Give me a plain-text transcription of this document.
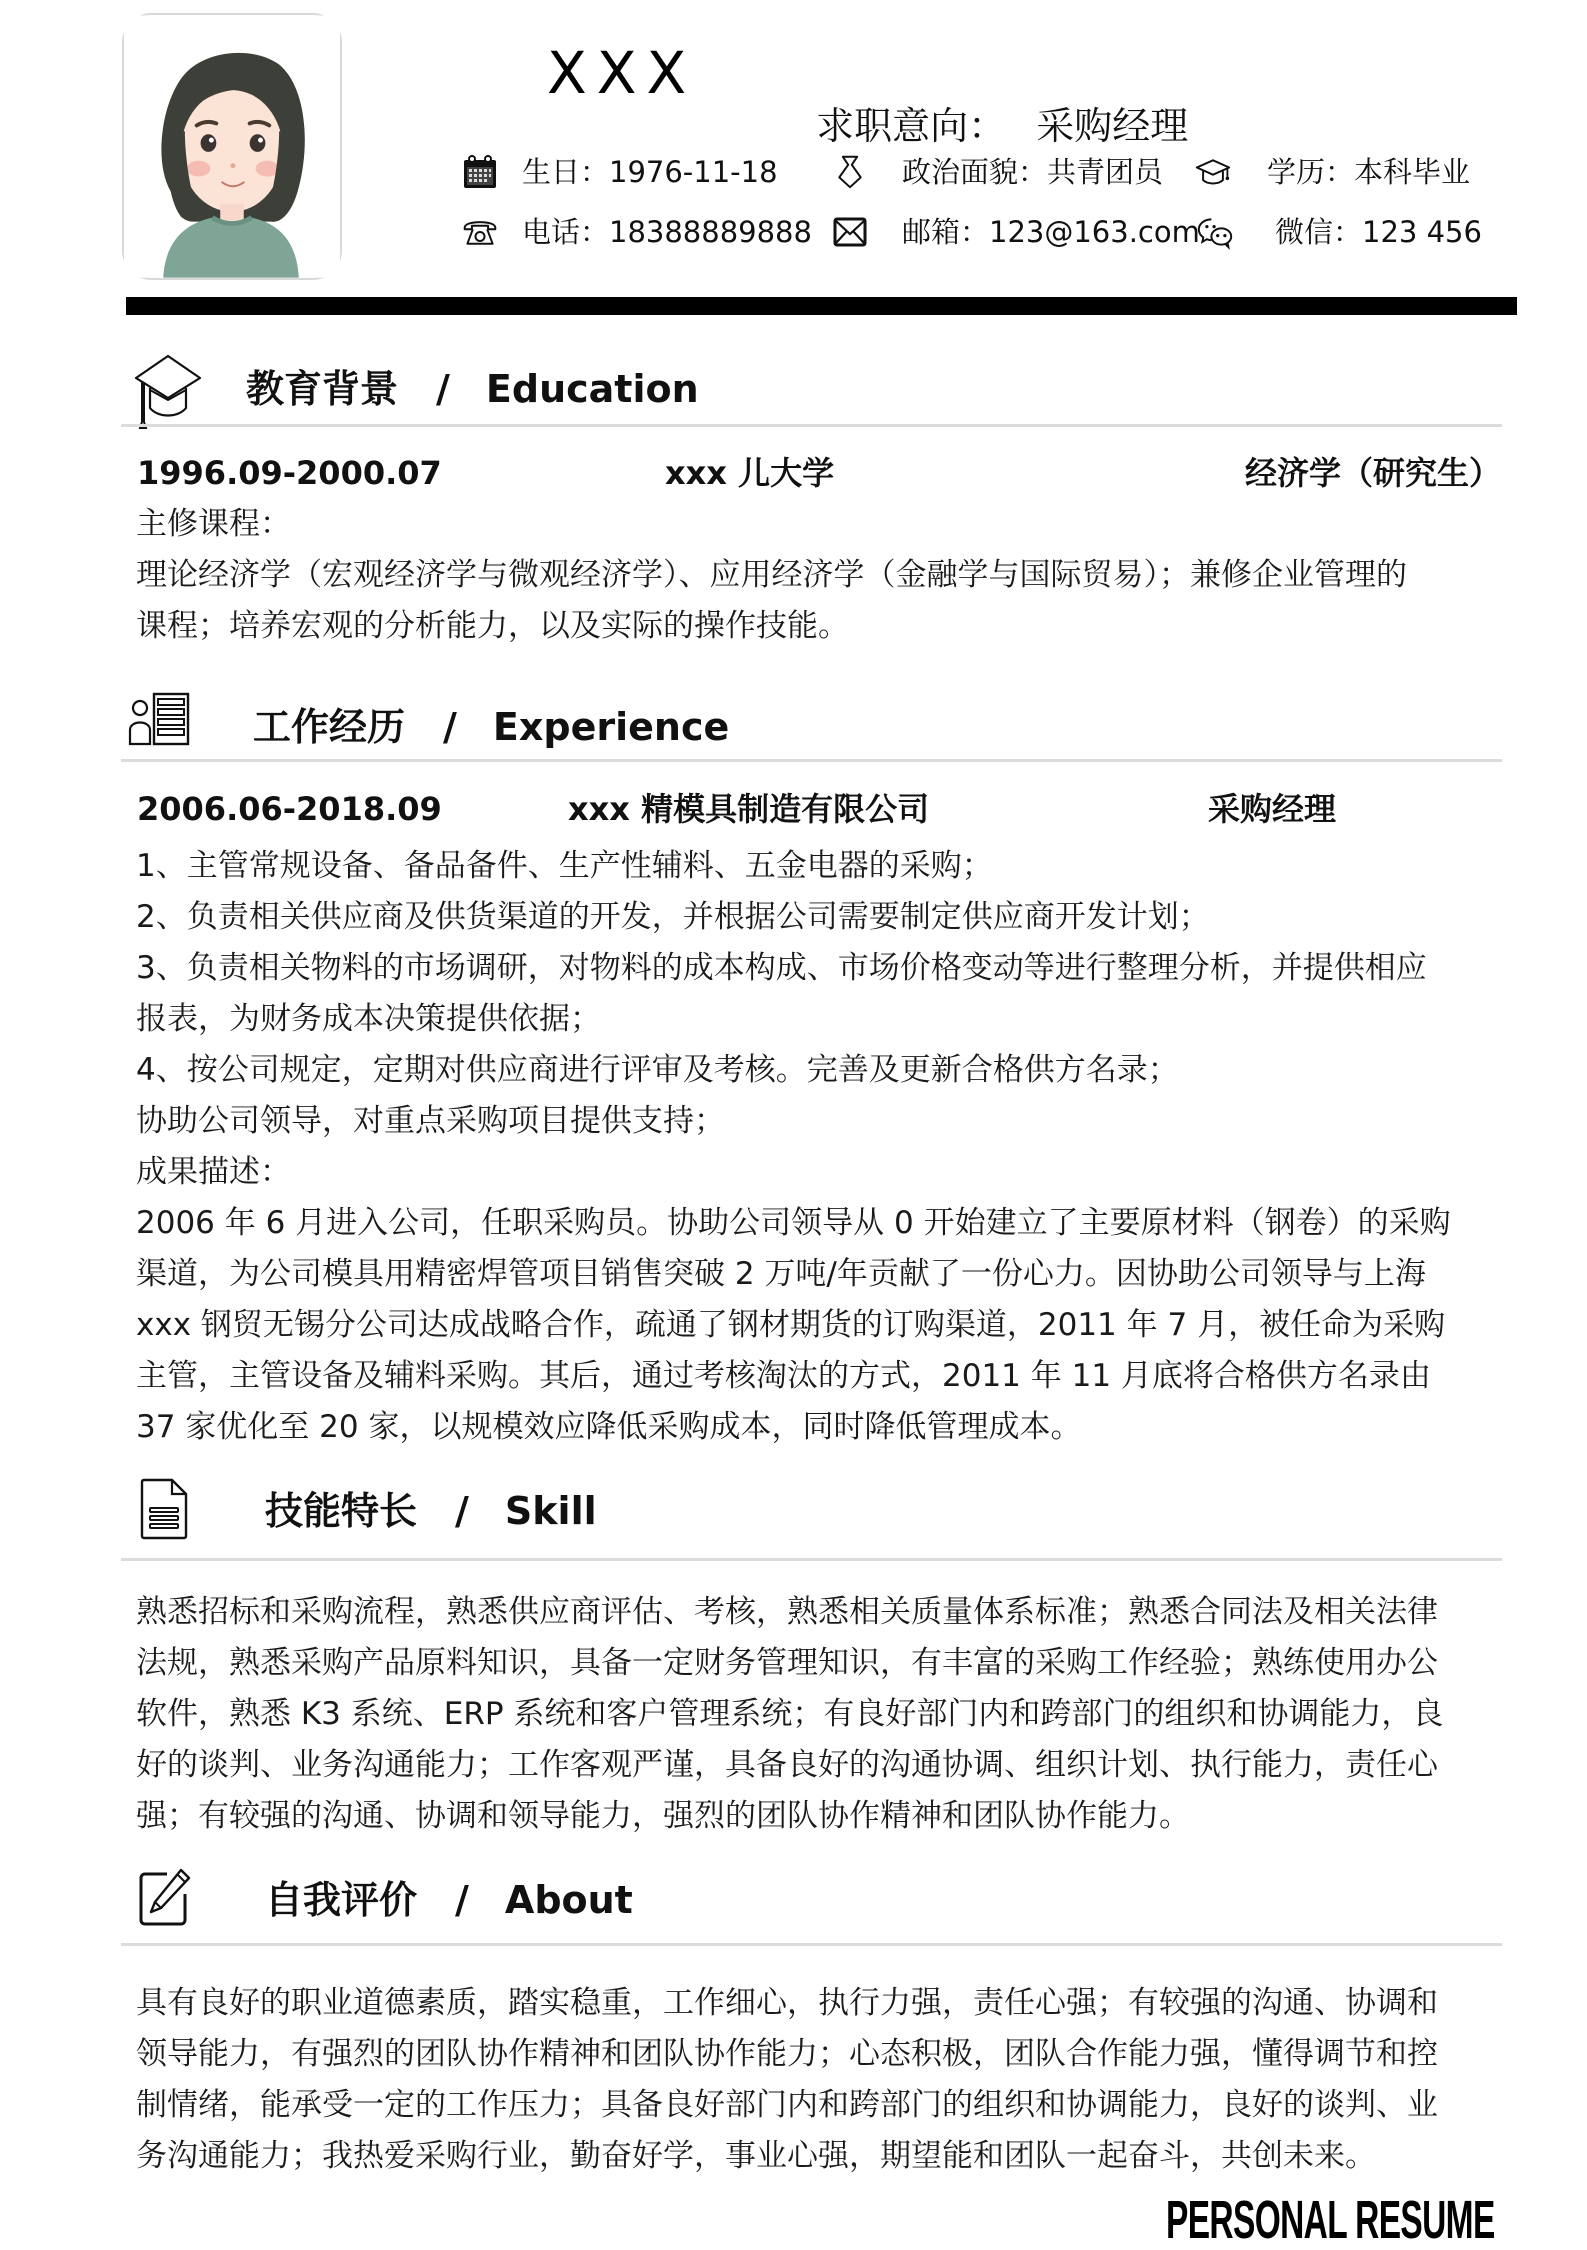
XXX

求职意向： 采购经理

生日：1976-11-18	政治面貌：共青团员	学历：本科毕业
电话：18388889888	邮箱：123@163.com	微信：123 456
教育背景 / Education
1996.09-2000.07	xxx 儿大学	经济学（研究生）
主修课程：
理论经济学（宏观经济学与微观经济学）、应用经济学（金融学与国际贸易）；兼修企业管理的
课程；培养宏观的分析能力，以及实际的操作技能。
工作经历 / Experience
2006.06-2018.09	xxx 精模具制造有限公司	采购经理
1、主管常规设备、备品备件、生产性辅料、五金电器的采购；
2、负责相关供应商及供货渠道的开发，并根据公司需要制定供应商开发计划；
3、负责相关物料的市场调研，对物料的成本构成、市场价格变动等进行整理分析，并提供相应
报表，为财务成本决策提供依据；
4、按公司规定，定期对供应商进行评审及考核。完善及更新合格供方名录；
协助公司领导，对重点采购项目提供支持；
成果描述：
2006 年 6 月进入公司，任职采购员。协助公司领导从 0 开始建立了主要原材料（钢卷）的采购
渠道，为公司模具用精密焊管项目销售突破 2 万吨/年贡献了一份心力。因协助公司领导与上海
xxx 钢贸无锡分公司达成战略合作，疏通了钢材期货的订购渠道，2011 年 7 月，被任命为采购
主管，主管设备及辅料采购。其后，通过考核淘汰的方式，2011 年 11 月底将合格供方名录由
37 家优化至 20 家，以规模效应降低采购成本，同时降低管理成本。
技能特长 / Skill
熟悉招标和采购流程，熟悉供应商评估、考核，熟悉相关质量体系标准；熟悉合同法及相关法律
法规，熟悉采购产品原料知识，具备一定财务管理知识，有丰富的采购工作经验；熟练使用办公
软件，熟悉 K3 系统、ERP 系统和客户管理系统；有良好部门内和跨部门的组织和协调能力，良
好的谈判、业务沟通能力；工作客观严谨，具备良好的沟通协调、组织计划、执行能力，责任心
强；有较强的沟通、协调和领导能力，强烈的团队协作精神和团队协作能力。
自我评价 / About
具有良好的职业道德素质，踏实稳重，工作细心，执行力强，责任心强；有较强的沟通、协调和
领导能力，有强烈的团队协作精神和团队协作能力；心态积极，团队合作能力强，懂得调节和控
制情绪，能承受一定的工作压力；具备良好部门内和跨部门的组织和协调能力，良好的谈判、业
务沟通能力；我热爱采购行业，勤奋好学，事业心强，期望能和团队一起奋斗，共创未来。
PERSONAL RESUME
